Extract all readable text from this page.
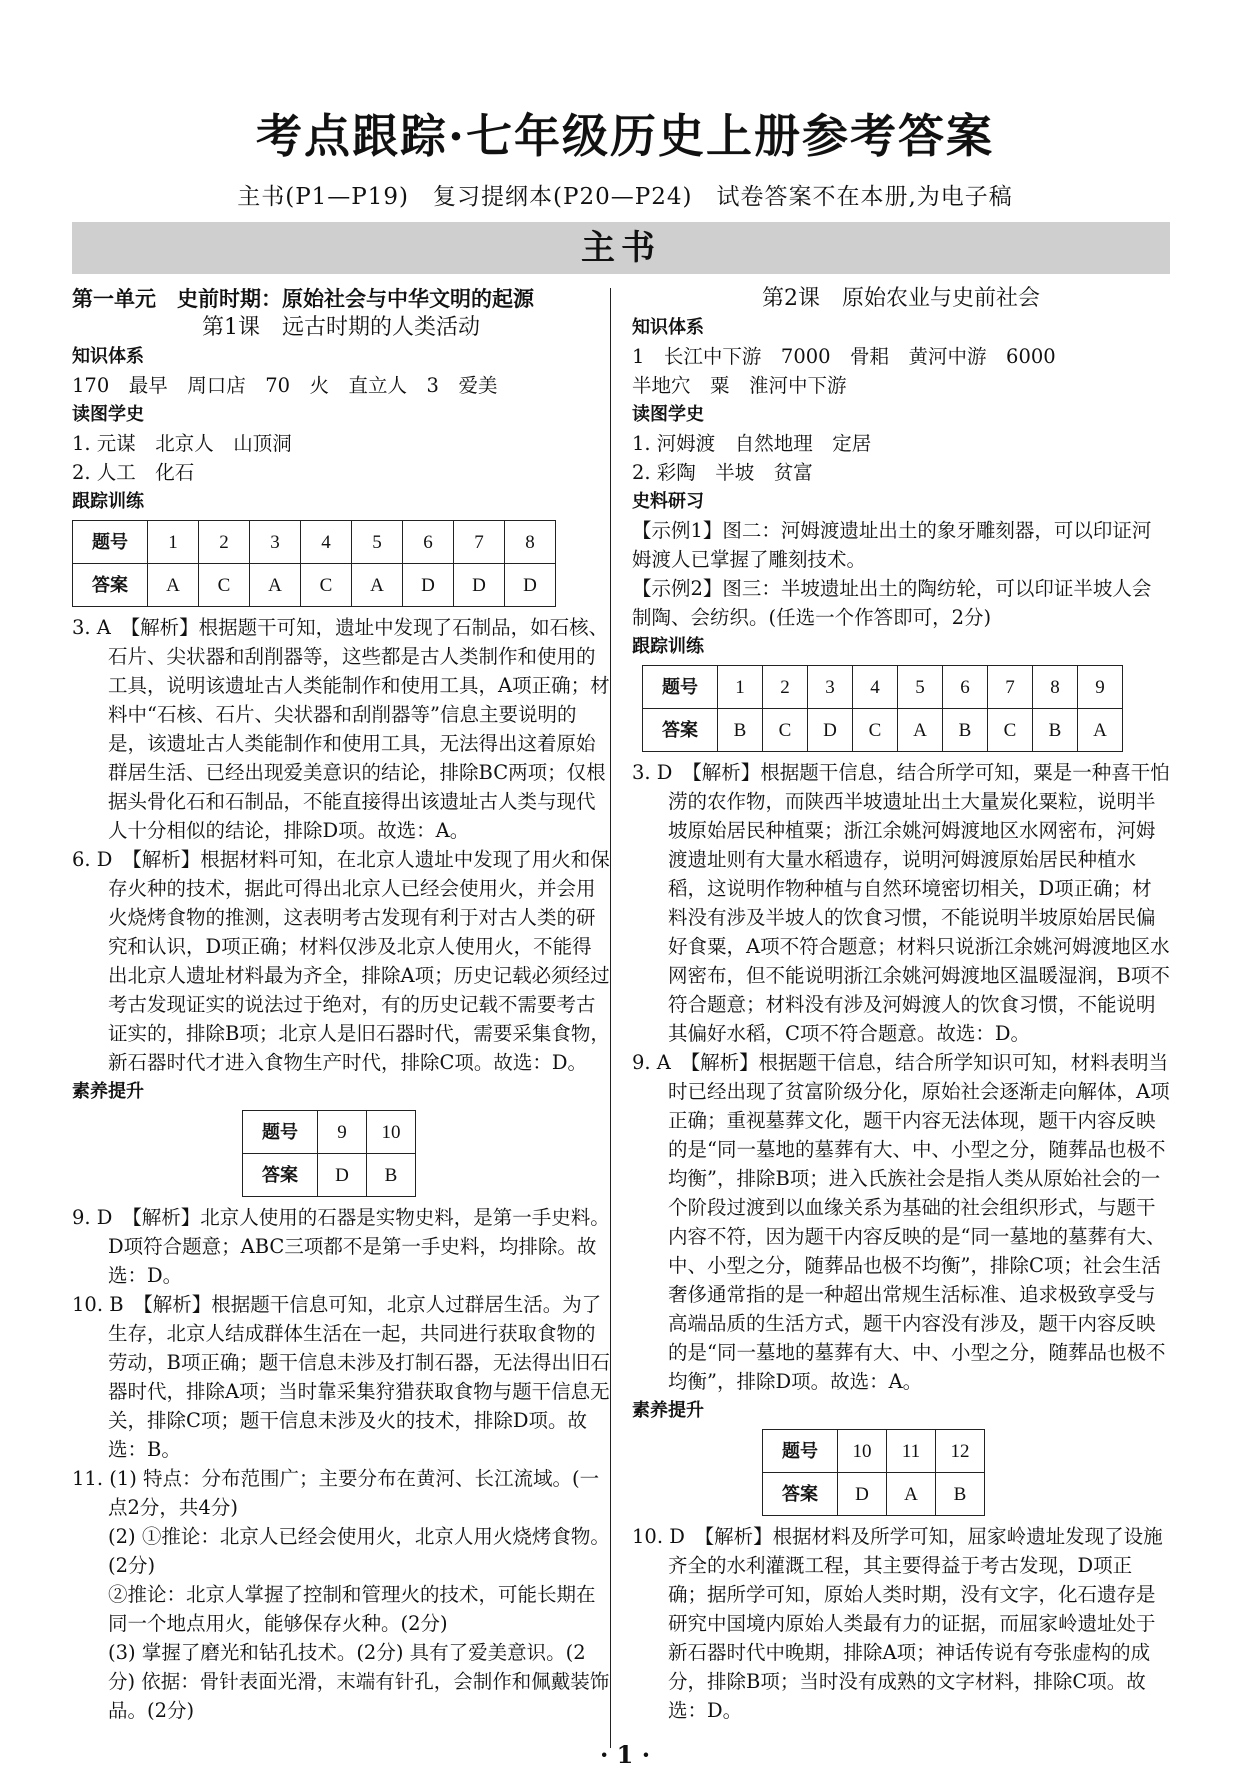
考点跟踪·七年级历史上册参考答案
主书(P1—P19)　复习提纲本(P20—P24)　试卷答案不在本册,为电子稿
主书
第一单元　史前时期：原始社会与中华文明的起源
第1课　远古时期的人类活动
知识体系

170　最早　周口店　70　火　直立人　3　爱美

读图学史

1. 元谋　北京人　山顶洞

2. 人工　化石

跟踪训练
题号	1	2	3	4	5	6	7	8
答案	A	C	A	C	A	D	D	D

3. A　【解析】根据题干可知，遗址中发现了石制品，如石核、石片、尖状器和刮削器等，这些都是古人类制作和使用的工具，说明该遗址古人类能制作和使用工具，A项正确；材料中“石核、石片、尖状器和刮削器等”信息主要说明的是，该遗址古人类能制作和使用工具，无法得出这着原始群居生活、已经出现爱美意识的结论，排除BC两项；仅根据头骨化石和石制品，不能直接得出该遗址古人类与现代人十分相似的结论，排除D项。故选：A。

6. D　【解析】根据材料可知，在北京人遗址中发现了用火和保存火种的技术，据此可得出北京人已经会使用火，并会用火烧烤食物的推测，这表明考古发现有利于对古人类的研究和认识，D项正确；材料仅涉及北京人使用火，不能得出北京人遗址材料最为齐全，排除A项；历史记载必须经过考古发现证实的说法过于绝对，有的历史记载不需要考古证实的，排除B项；北京人是旧石器时代，需要采集食物，新石器时代才进入食物生产时代，排除C项。故选：D。

素养提升
题号	9	10
答案	D	B

9. D　【解析】北京人使用的石器是实物史料，是第一手史料。D项符合题意；ABC三项都不是第一手史料，均排除。故选：D。

10. B　【解析】根据题干信息可知，北京人过群居生活。为了生存，北京人结成群体生活在一起，共同进行获取食物的劳动，B项正确；题干信息未涉及打制石器，无法得出旧石器时代，排除A项；当时靠采集狩猎获取食物与题干信息无关，排除C项；题干信息未涉及火的技术，排除D项。故选：B。

11. (1) 特点：分布范围广；主要分布在黄河、长江流域。(一点2分，共4分)

(2) ①推论：北京人已经会使用火，北京人用火烧烤食物。(2分)

②推论：北京人掌握了控制和管理火的技术，可能长期在同一个地点用火，能够保存火种。(2分)

(3) 掌握了磨光和钻孔技术。(2分) 具有了爱美意识。(2分) 依据：骨针表面光滑，末端有针孔，会制作和佩戴装饰品。(2分)

第2课　原始农业与史前社会
知识体系

1　长江中下游　7000　骨耜　黄河中游　6000

半地穴　粟　淮河中下游

读图学史

1. 河姆渡　自然地理　定居

2. 彩陶　半坡　贫富

史料研习

【示例1】图二：河姆渡遗址出土的象牙雕刻器，可以印证河姆渡人已掌握了雕刻技术。

【示例2】图三：半坡遗址出土的陶纺轮，可以印证半坡人会制陶、会纺织。(任选一个作答即可，2分)

跟踪训练
题号	1	2	3	4	5	6	7	8	9
答案	B	C	D	C	A	B	C	B	A

3. D　【解析】根据题干信息，结合所学可知，粟是一种喜干怕涝的农作物，而陕西半坡遗址出土大量炭化粟粒，说明半坡原始居民种植粟；浙江余姚河姆渡地区水网密布，河姆渡遗址则有大量水稻遗存，说明河姆渡原始居民种植水稻，这说明作物种植与自然环境密切相关，D项正确；材料没有涉及半坡人的饮食习惯，不能说明半坡原始居民偏好食粟，A项不符合题意；材料只说浙江余姚河姆渡地区水网密布，但不能说明浙江余姚河姆渡地区温暖湿润，B项不符合题意；材料没有涉及河姆渡人的饮食习惯，不能说明其偏好水稻，C项不符合题意。故选：D。

9. A　【解析】根据题干信息，结合所学知识可知，材料表明当时已经出现了贫富阶级分化，原始社会逐渐走向解体，A项正确；重视墓葬文化，题干内容无法体现，题干内容反映的是“同一墓地的墓葬有大、中、小型之分，随葬品也极不均衡”，排除B项；进入氏族社会是指人类从原始社会的一个阶段过渡到以血缘关系为基础的社会组织形式，与题干内容不符，因为题干内容反映的是“同一墓地的墓葬有大、中、小型之分，随葬品也极不均衡”，排除C项；社会生活奢侈通常指的是一种超出常规生活标准、追求极致享受与高端品质的生活方式，题干内容没有涉及，题干内容反映的是“同一墓地的墓葬有大、中、小型之分，随葬品也极不均衡”，排除D项。故选：A。

素养提升
题号	10	11	12
答案	D	A	B

10. D　【解析】根据材料及所学可知，屈家岭遗址发现了设施齐全的水利灌溉工程，其主要得益于考古发现，D项正确；据所学可知，原始人类时期，没有文字，化石遗存是研究中国境内原始人类最有力的证据，而屈家岭遗址处于新石器时代中晚期，排除A项；神话传说有夸张虚构的成分，排除B项；当时没有成熟的文字材料，排除C项。故选：D。

· 1 ·
